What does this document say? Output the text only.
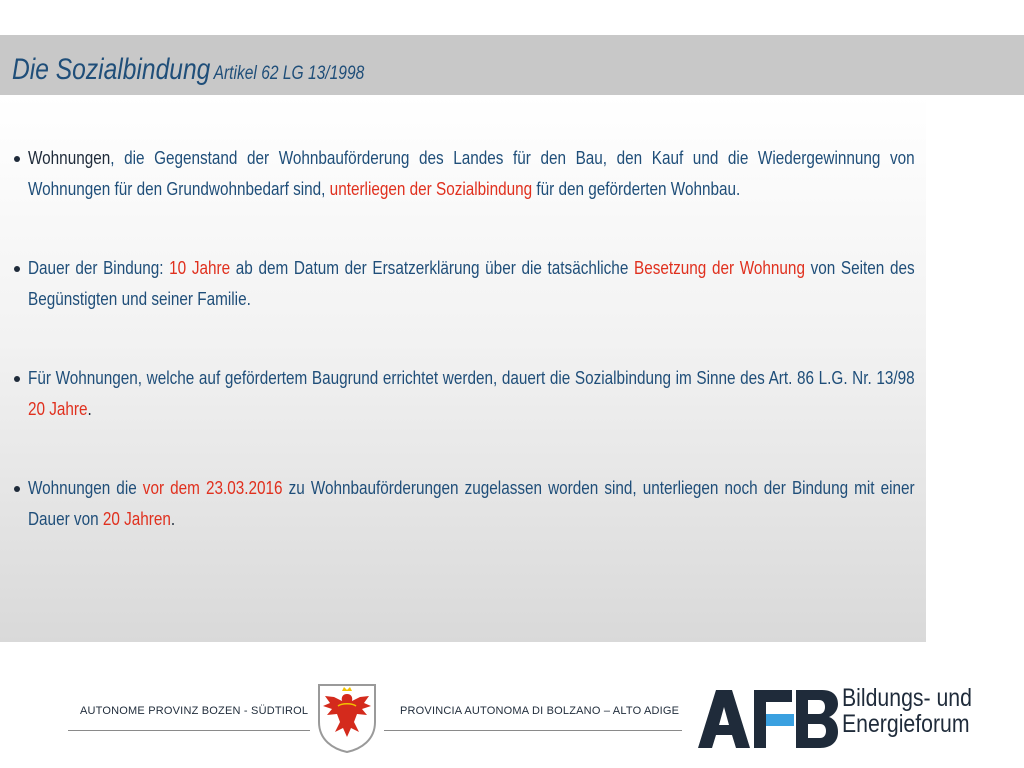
Die Sozialbindung Artikel 62 LG 13/1998
Wohnungen, die Gegenstand der Wohnbauförderung des Landes für den Bau, den Kauf und die Wiedergewinnung von Wohnungen für den Grundwohnbedarf sind, unterliegen der Sozialbindung für den geförderten Wohnbau.
Dauer der Bindung: 10 Jahre ab dem Datum der Ersatzerklärung über die tatsächliche Besetzung der Wohnung von Seiten des Begünstigten und seiner Familie.
Für Wohnungen, welche auf gefördertem Baugrund errichtet werden, dauert die Sozialbindung im Sinne des Art. 86 L.G. Nr. 13/98 20 Jahre.
Wohnungen die vor dem 23.03.2016 zu Wohnbauförderungen zugelassen worden sind, unterliegen noch der Bindung mit einer Dauer von 20 Jahren.
AUTONOME PROVINZ BOZEN - SÜDTIROL	PROVINCIA AUTONOMA DI BOLZANO – ALTO ADIGE	Bildungs- und
Energieforum
